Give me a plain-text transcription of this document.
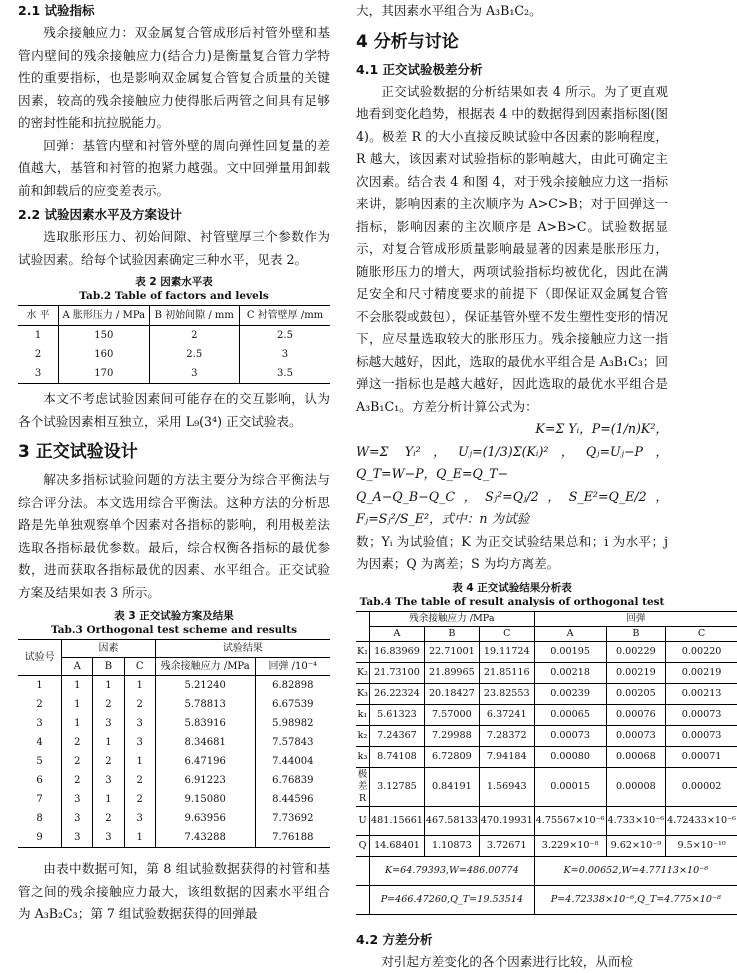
2.1 试验指标

残余接触应力：双金属复合管成形后衬管外壁和基管内壁间的残余接触应力(结合力)是衡量复合管力学特性的重要指标，也是影响双金属复合管复合质量的关键因素，较高的残余接触应力使得胀后两管之间具有足够的密封性能和抗拉脱能力。

回弹：基管内壁和衬管外壁的周向弹性回复量的差值越大，基管和衬管的抱紧力越强。文中回弹量用卸载前和卸载后的应变差表示。

2.2 试验因素水平及方案设计

选取胀形压力、初始间隙、衬管壁厚三个参数作为试验因素。给每个试验因素确定三种水平，见表 2。

表 2 因素水平表
Tab.2 Table of factors and levels
水 平	A 胀形压力 / MPa	B 初始间隙 / mm	C 衬管壁厚 /mm
1	150	2	2.5
2	160	2.5	3
3	170	3	3.5

本文不考虑试验因素间可能存在的交互影响，认为各个试验因素相互独立，采用 L₉(3⁴) 正交试验表。

3 正交试验设计

解决多指标试验问题的方法主要分为综合平衡法与综合评分法。本文选用综合平衡法。这种方法的分析思路是先单独观察单个因素对各指标的影响，利用极差法选取各指标最优参数。最后，综合权衡各指标的最优参数，进而获取各指标最优的因素、水平组合。正交试验方案及结果如表 3 所示。

表 3 正交试验方案及结果
Tab.3 Orthogonal test scheme and results
试验号	因素			试验结果	
	A	B	C	残余接触应力 /MPa	回弹 /10⁻⁴
1	1	1	1	5.21240	6.82898
2	1	2	2	5.78813	6.67539
3	1	3	3	5.83916	5.98982
4	2	1	3	8.34681	7.57843
5	2	2	1	6.47196	7.44004
6	2	3	2	6.91223	6.76839
7	3	1	2	9.15080	8.44596
8	3	2	3	9.63956	7.73692
9	3	3	1	7.43288	7.76188

由表中数据可知，第 8 组试验数据获得的衬管和基管之间的残余接触应力最大，该组数据的因素水平组合为 A₃B₂C₃；第 7 组试验数据获得的回弹最

大，其因素水平组合为 A₃B₁C₂。

4 分析与讨论
4.1 正交试验极差分析

正交试验数据的分析结果如表 4 所示。为了更直观地看到变化趋势，根据表 4 中的数据得到因素指标图(图 4)。极差 R 的大小直接反映试验中各因素的影响程度，R 越大，该因素对试验指标的影响越大，由此可确定主次因素。结合表 4 和图 4，对于残余接触应力这一指标来讲，影响因素的主次顺序为 A>C>B；对于回弹这一指标，影响因素的主次顺序是 A>B>C。试验数据显示，对复合管成形质量影响最显著的因素是胀形压力，随胀形压力的增大，两项试验指标均被优化，因此在满足安全和尺寸精度要求的前提下（即保证双金属复合管不会胀裂或鼓包），保证基管外壁不发生塑性变形的情况下，应尽量选取较大的胀形压力。残余接触应力这一指标越大越好，因此，选取的最优水平组合是 A₃B₁C₃；回弹这一指标也是越大越好，因此选取的最优水平组合是 A₃B₁C₁。方差分析计算公式为：

K=Σ Yᵢ，P=(1/n)K²，

W=Σ Yᵢ²，Uⱼ=(1/3)Σ(Kᵢ)²，Qⱼ=Uⱼ−P，Q_T=W−P，Q_E=Q_T−

Q_A−Q_B−Q_C，Sⱼ²=Qⱼ/2，S_E²=Q_E/2，Fⱼ=Sⱼ²/S_E²，式中：n 为试验

数；Yᵢ 为试验值；K 为正交试验结果总和；i 为水平；j 为因素；Q 为离差；S 为均方离差。

表 4 正交试验结果分析表
Tab.4 The table of result analysis of orthogonal test
	残余接触应力 /MPa			回弹		
	A	B	C	A	B	C
K₁	16.83969	22.71001	19.11724	0.00195	0.00229	0.00220
K₂	21.73100	21.89965	21.85116	0.00218	0.00219	0.00219
K₃	26.22324	20.18427	23.82553	0.00239	0.00205	0.00213
k₁	5.61323	7.57000	6.37241	0.00065	0.00076	0.00073
k₂	7.24367	7.29988	7.28372	0.00073	0.00073	0.00073
k₃	8.74108	6.72809	7.94184	0.00080	0.00068	0.00071
极差 R	3.12785	0.84191	1.56943	0.00015	0.00008	0.00002
U	481.15661	467.58133	470.19931	4.75567×10⁻⁶	4.733×10⁻⁶	4.72433×10⁻⁶
Q	14.68401	1.10873	3.72671	3.229×10⁻⁸	9.62×10⁻⁹	9.5×10⁻¹⁰
	K=64.79393,W=486.00774			K=0.00652,W=4.77113×10⁻⁶		
	P=466.47260,Q_T=19.53514			P=4.72338×10⁻⁶,Q_T=4.775×10⁻⁸		
4.2 方差分析

对引起方差变化的各个因素进行比较，从而检
